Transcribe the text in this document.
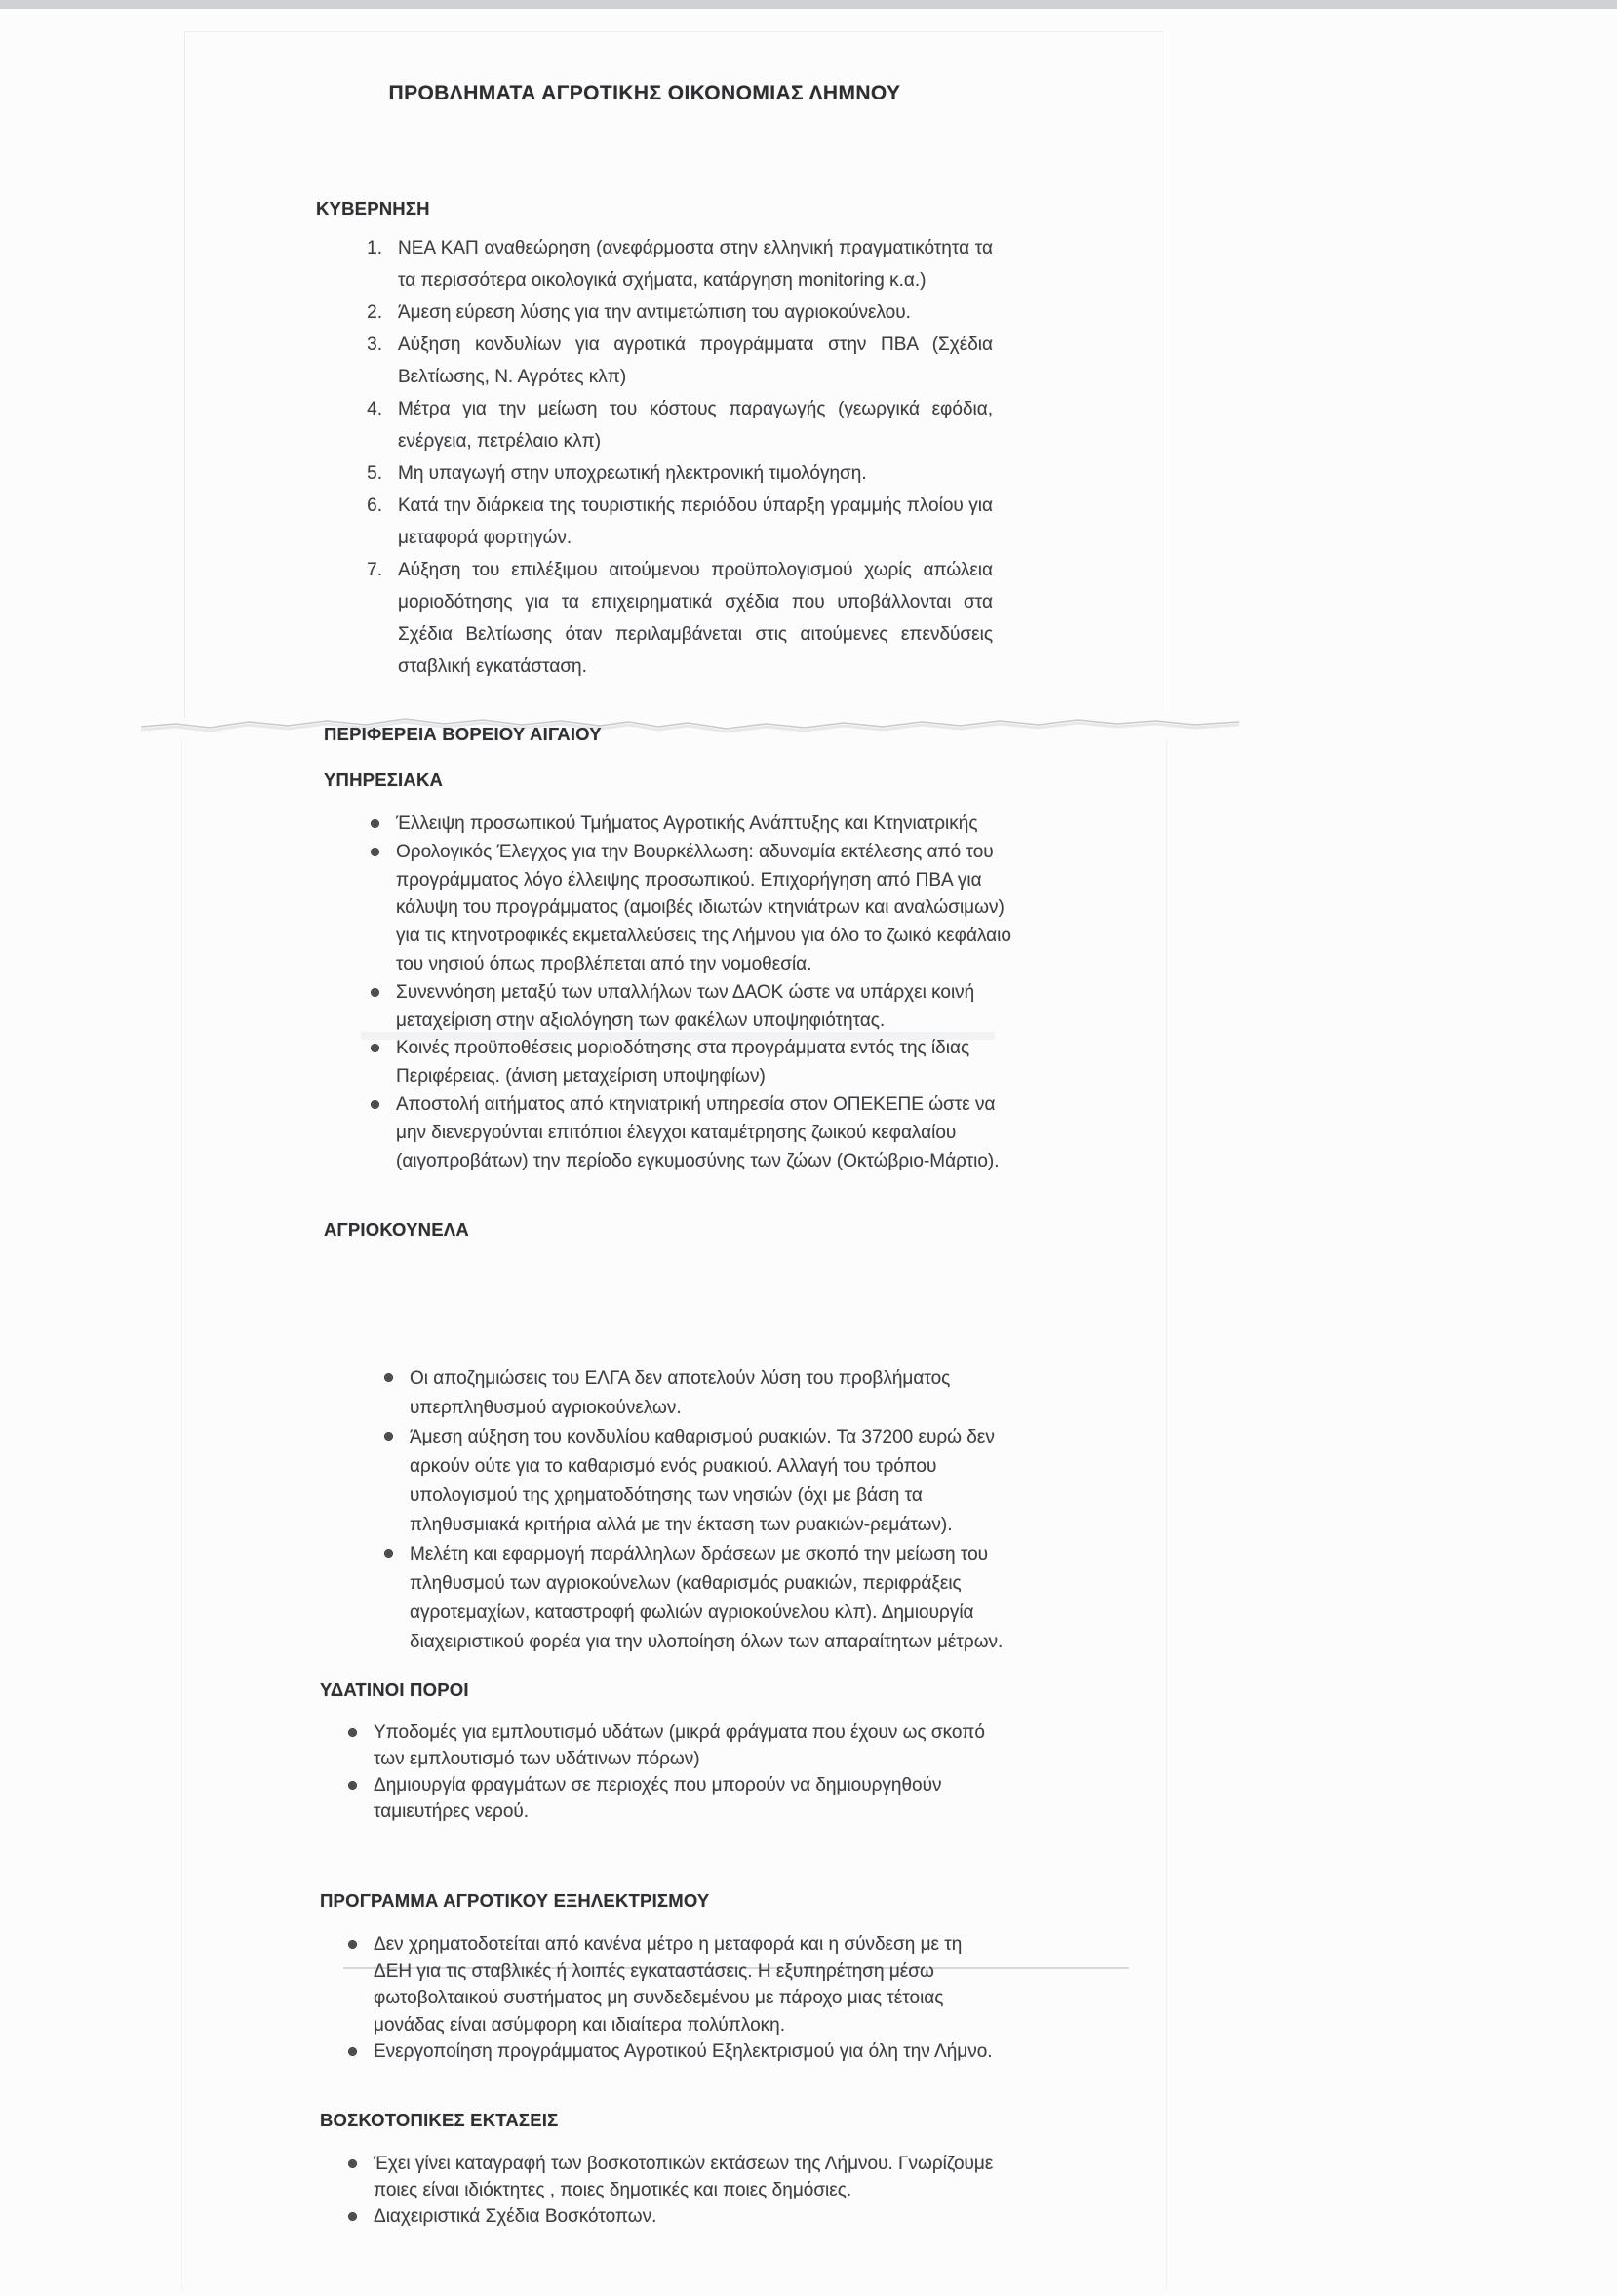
ΠΡΟΒΛΗΜΑΤΑ ΑΓΡΟΤΙΚΗΣ ΟΙΚΟΝΟΜΙΑΣ ΛΗΜΝΟΥ
ΚΥΒΕΡΝΗΣΗ
1. ΝΕΑ ΚΑΠ αναθεώρηση (ανεφάρμοστα στην ελληνική πραγματικότητα τα τα περισσότερα οικολογικά σχήματα, κατάργηση monitoring κ.α.)
2. Άμεση εύρεση λύσης για την αντιμετώπιση του αγριοκούνελου.
3. Αύξηση κονδυλίων για αγροτικά προγράμματα στην ΠΒΑ (Σχέδια Βελτίωσης, Ν. Αγρότες κλπ)
4. Μέτρα για την μείωση του κόστους παραγωγής (γεωργικά εφόδια, ενέργεια, πετρέλαιο κλπ)
5. Μη υπαγωγή στην υποχρεωτική ηλεκτρονική τιμολόγηση.
6. Κατά την διάρκεια της τουριστικής περιόδου ύπαρξη γραμμής πλοίου για μεταφορά φορτηγών.
7. Αύξηση του επιλέξιμου αιτούμενου προϋπολογισμού χωρίς απώλεια μοριοδότησης για τα επιχειρηματικά σχέδια που υποβάλλονται στα Σχέδια Βελτίωσης όταν περιλαμβάνεται στις αιτούμενες επενδύσεις σταβλική εγκατάσταση.
ΠΕΡΙΦΕΡΕΙΑ ΒΟΡΕΙΟΥ ΑΙΓΑΙΟΥ
ΥΠΗΡΕΣΙΑΚΑ
Έλλειψη προσωπικού Τμήματος Αγροτικής Ανάπτυξης και Κτηνιατρικής
Ορολογικός Έλεγχος για την Βουρκέλλωση: αδυναμία εκτέλεσης από του προγράμματος λόγο έλλειψης προσωπικού. Επιχορήγηση από ΠΒΑ για κάλυψη του προγράμματος (αμοιβές ιδιωτών κτηνιάτρων και αναλώσιμων) για τις κτηνοτροφικές εκμεταλλεύσεις της Λήμνου για όλο το ζωικό κεφάλαιο του νησιού όπως προβλέπεται από την νομοθεσία.
Συνεννόηση μεταξύ των υπαλλήλων των ΔΑΟΚ ώστε να υπάρχει κοινή μεταχείριση στην αξιολόγηση των φακέλων υποψηφιότητας.
Κοινές προϋποθέσεις μοριοδότησης στα προγράμματα εντός της ίδιας Περιφέρειας. (άνιση μεταχείριση υποψηφίων)
Αποστολή αιτήματος από κτηνιατρική υπηρεσία στον ΟΠΕΚΕΠΕ ώστε να μην διενεργούνται επιτόπιοι έλεγχοι καταμέτρησης ζωικού κεφαλαίου (αιγοπροβάτων) την περίοδο εγκυμοσύνης των ζώων (Οκτώβριο-Μάρτιο).
ΑΓΡΙΟΚΟΥΝΕΛΑ
Οι αποζημιώσεις του ΕΛΓΑ δεν αποτελούν λύση του προβλήματος υπερπληθυσμού αγριοκούνελων.
Άμεση αύξηση του κονδυλίου καθαρισμού ρυακιών. Τα 37200 ευρώ δεν αρκούν ούτε για το καθαρισμό ενός ρυακιού. Αλλαγή του τρόπου υπολογισμού της χρηματοδότησης των νησιών (όχι με βάση τα πληθυσμιακά κριτήρια αλλά με την έκταση των ρυακιών-ρεμάτων).
Μελέτη και εφαρμογή παράλληλων δράσεων με σκοπό την μείωση του πληθυσμού των αγριοκούνελων (καθαρισμός ρυακιών, περιφράξεις αγροτεμαχίων, καταστροφή φωλιών αγριοκούνελου κλπ). Δημιουργία διαχειριστικού φορέα για την υλοποίηση όλων των απαραίτητων μέτρων.
ΥΔΑΤΙΝΟΙ ΠΟΡΟΙ
Υποδομές για εμπλουτισμό υδάτων (μικρά φράγματα που έχουν ως σκοπό των εμπλουτισμό των υδάτινων πόρων)
Δημιουργία φραγμάτων σε περιοχές που μπορούν να δημιουργηθούν ταμιευτήρες νερού.
ΠΡΟΓΡΑΜΜΑ ΑΓΡΟΤΙΚΟΥ ΕΞΗΛΕΚΤΡΙΣΜΟΥ
Δεν χρηματοδοτείται από κανένα μέτρο η μεταφορά και η σύνδεση με τη ΔΕΗ για τις σταβλικές ή λοιπές εγκαταστάσεις. Η εξυπηρέτηση μέσω φωτοβολταικού συστήματος μη συνδεδεμένου με πάροχο μιας τέτοιας μονάδας είναι ασύμφορη και ιδιαίτερα πολύπλοκη.
Ενεργοποίηση προγράμματος Αγροτικού Εξηλεκτρισμού για όλη την Λήμνο.
ΒΟΣΚΟΤΟΠΙΚΕΣ ΕΚΤΑΣΕΙΣ
Έχει γίνει καταγραφή των βοσκοτοπικών εκτάσεων της Λήμνου. Γνωρίζουμε ποιες είναι ιδιόκτητες , ποιες δημοτικές και ποιες δημόσιες.
Διαχειριστικά Σχέδια Βοσκότοπων.
